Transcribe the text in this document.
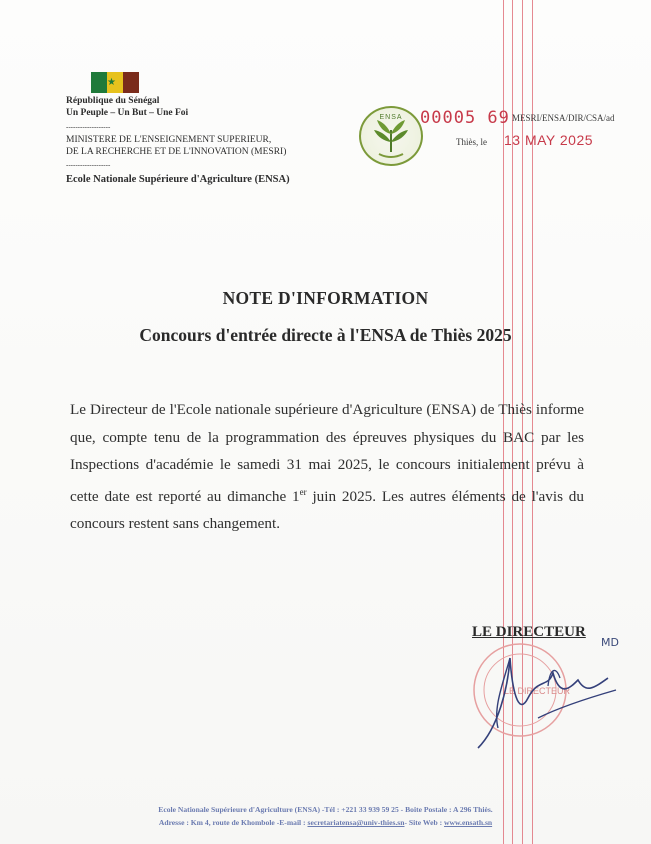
★
République du Sénégal
Un Peuple – Un But – Une Foi
-------------------
MINISTERE DE L'ENSEIGNEMENT SUPERIEUR,
DE LA RECHERCHE ET DE L'INNOVATION (MESRI)
-------------------
Ecole Nationale Supérieure d'Agriculture (ENSA)
ENSA	00005 69 MESRI/ENSA/DIR/CSA/ad
Thiès, le 13 MAY 2025
NOTE D'INFORMATION
Concours d'entrée directe à l'ENSA de Thiès 2025
Le Directeur de l'Ecole nationale supérieure d'Agriculture (ENSA) de Thiès informe que, compte tenu de la programmation des épreuves physiques du BAC par les Inspections d'académie le samedi 31 mai 2025, le concours initialement prévu à cette date est reporté au dimanche 1er juin 2025. Les autres éléments de l'avis du concours restent sans changement.
LE DIRECTEUR
LE DIRECTEUR
MD
Ecole Nationale Supérieure d'Agriculture (ENSA) -Tél : +221 33 939 59 25 - Boite Postale : A 296 Thiès.
Adresse : Km 4, route de Khombole -E-mail : secretariatensa@univ-thies.sn- Site Web : www.ensath.sn
